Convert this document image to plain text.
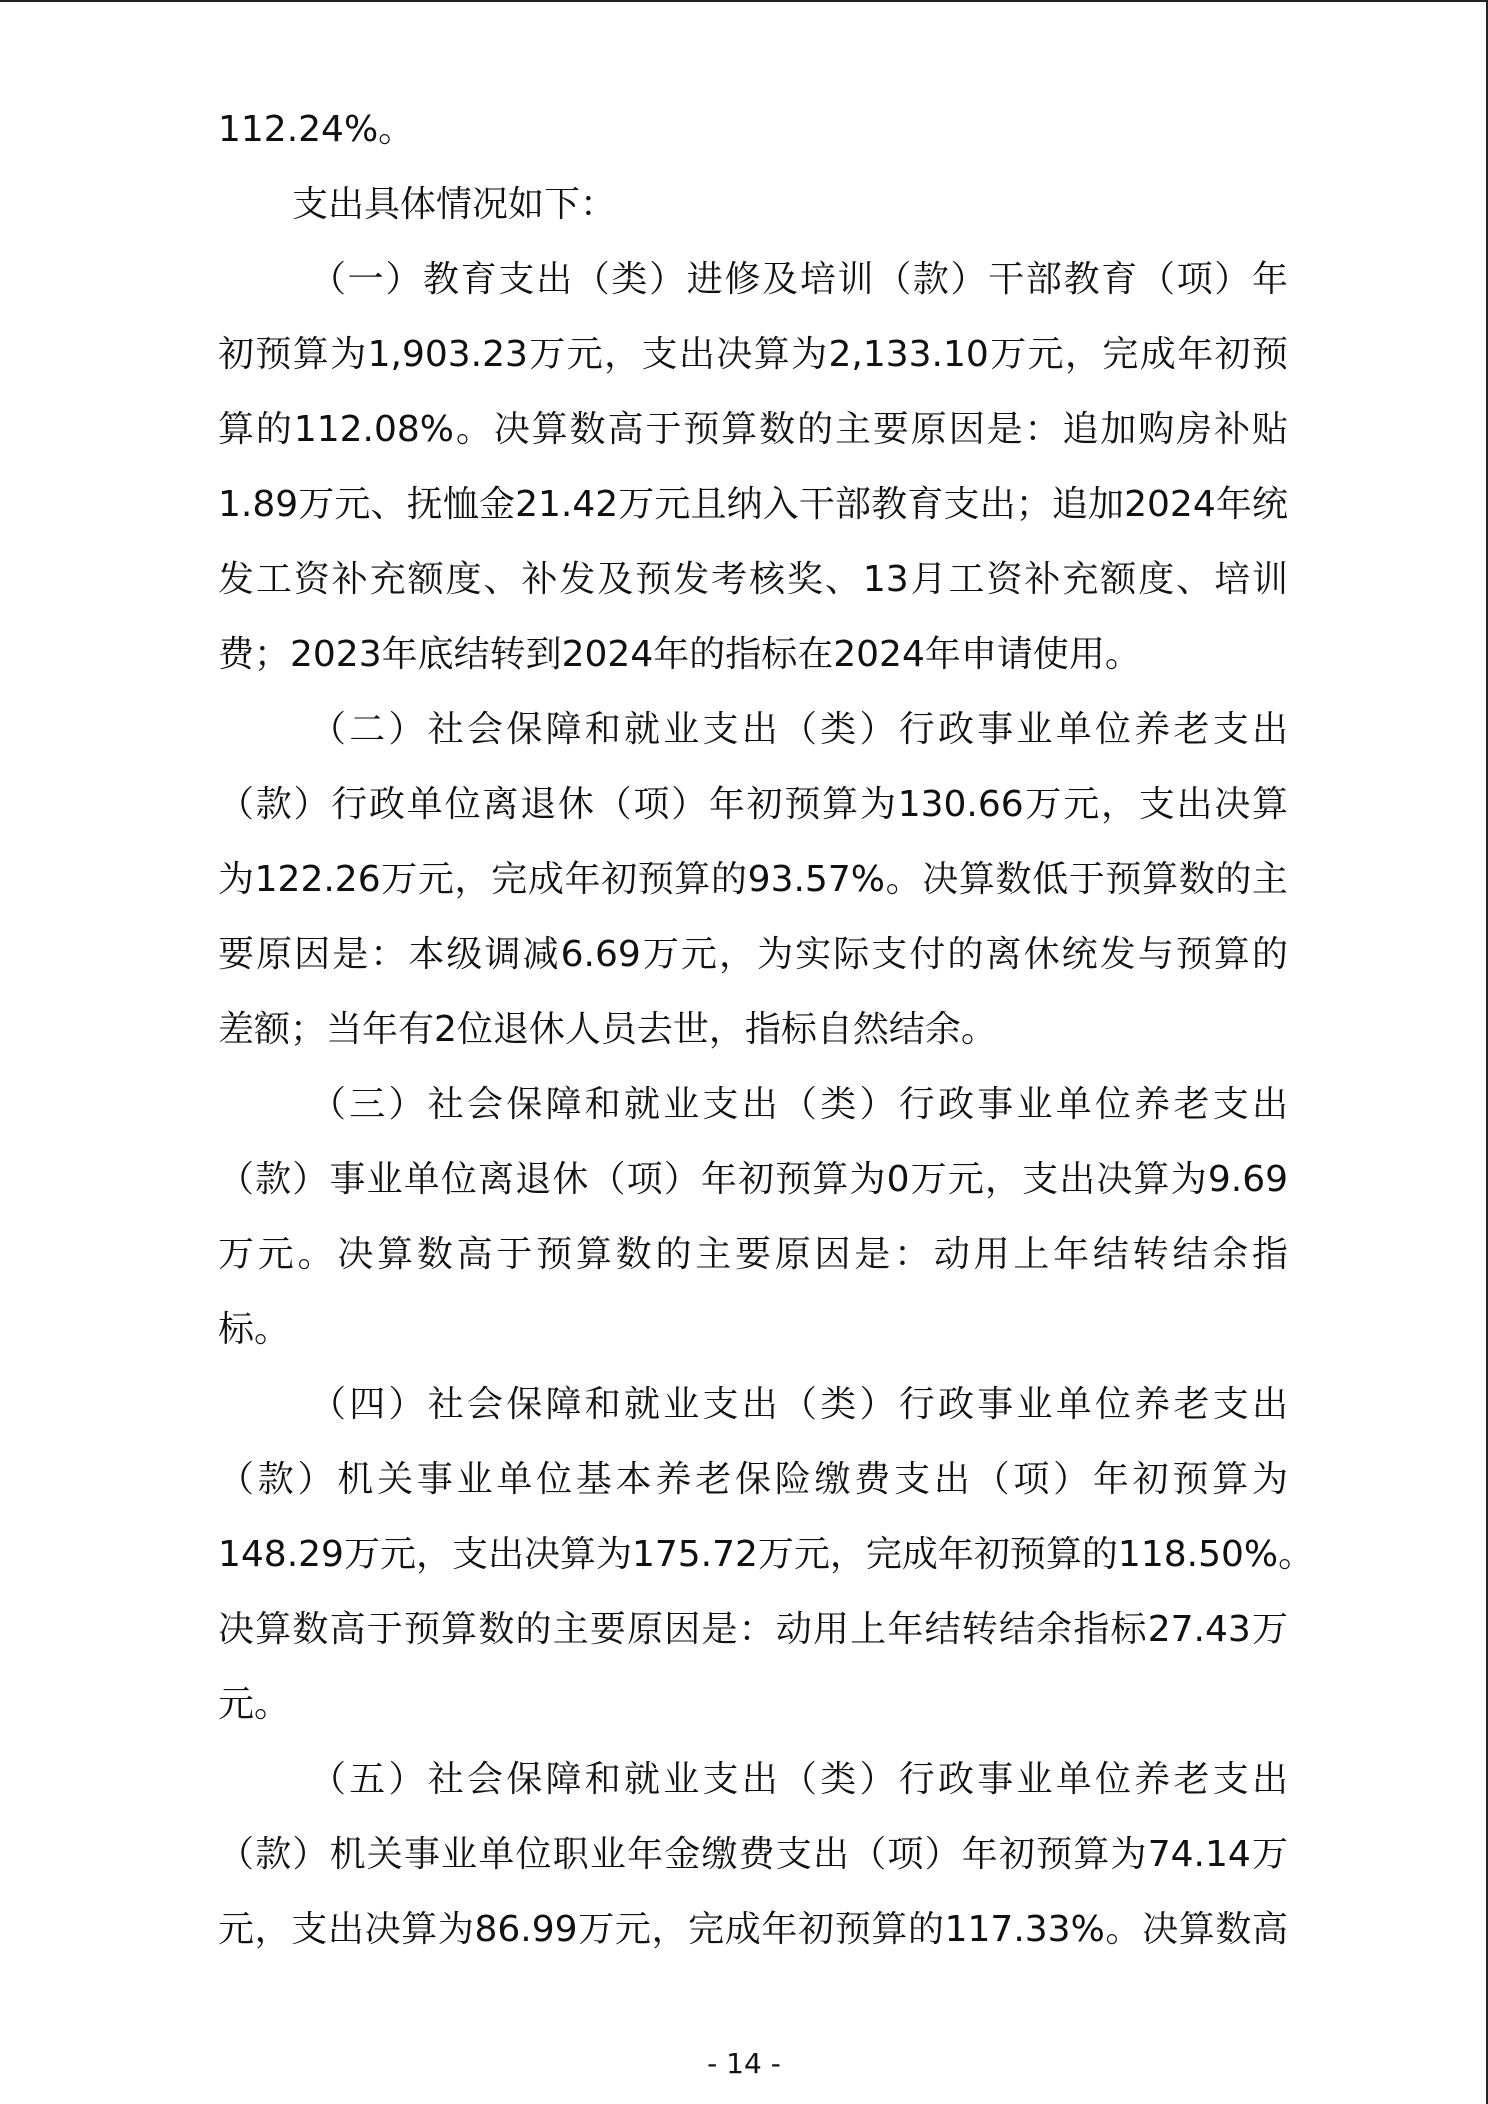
112.24%。
支出具体情况如下：
（一）教育支出（类）进修及培训（款）干部教育（项）年
初预算为1,903.23万元，支出决算为2,133.10万元，完成年初预
算的112.08%。决算数高于预算数的主要原因是：追加购房补贴
1.89万元、抚恤金21.42万元且纳入干部教育支出；追加2024年统
发工资补充额度、补发及预发考核奖、13月工资补充额度、培训
费；2023年底结转到2024年的指标在2024年申请使用。
（二）社会保障和就业支出（类）行政事业单位养老支出
（款）行政单位离退休（项）年初预算为130.66万元，支出决算
为122.26万元，完成年初预算的93.57%。决算数低于预算数的主
要原因是：本级调减6.69万元，为实际支付的离休统发与预算的
差额；当年有2位退休人员去世，指标自然结余。
（三）社会保障和就业支出（类）行政事业单位养老支出
（款）事业单位离退休（项）年初预算为0万元，支出决算为9.69
万元。决算数高于预算数的主要原因是：动用上年结转结余指
标。
（四）社会保障和就业支出（类）行政事业单位养老支出
（款）机关事业单位基本养老保险缴费支出（项）年初预算为
148.29万元，支出决算为175.72万元，完成年初预算的118.50%。
决算数高于预算数的主要原因是：动用上年结转结余指标27.43万
元。
（五）社会保障和就业支出（类）行政事业单位养老支出
（款）机关事业单位职业年金缴费支出（项）年初预算为74.14万
元，支出决算为86.99万元，完成年初预算的117.33%。决算数高
- 14 -
